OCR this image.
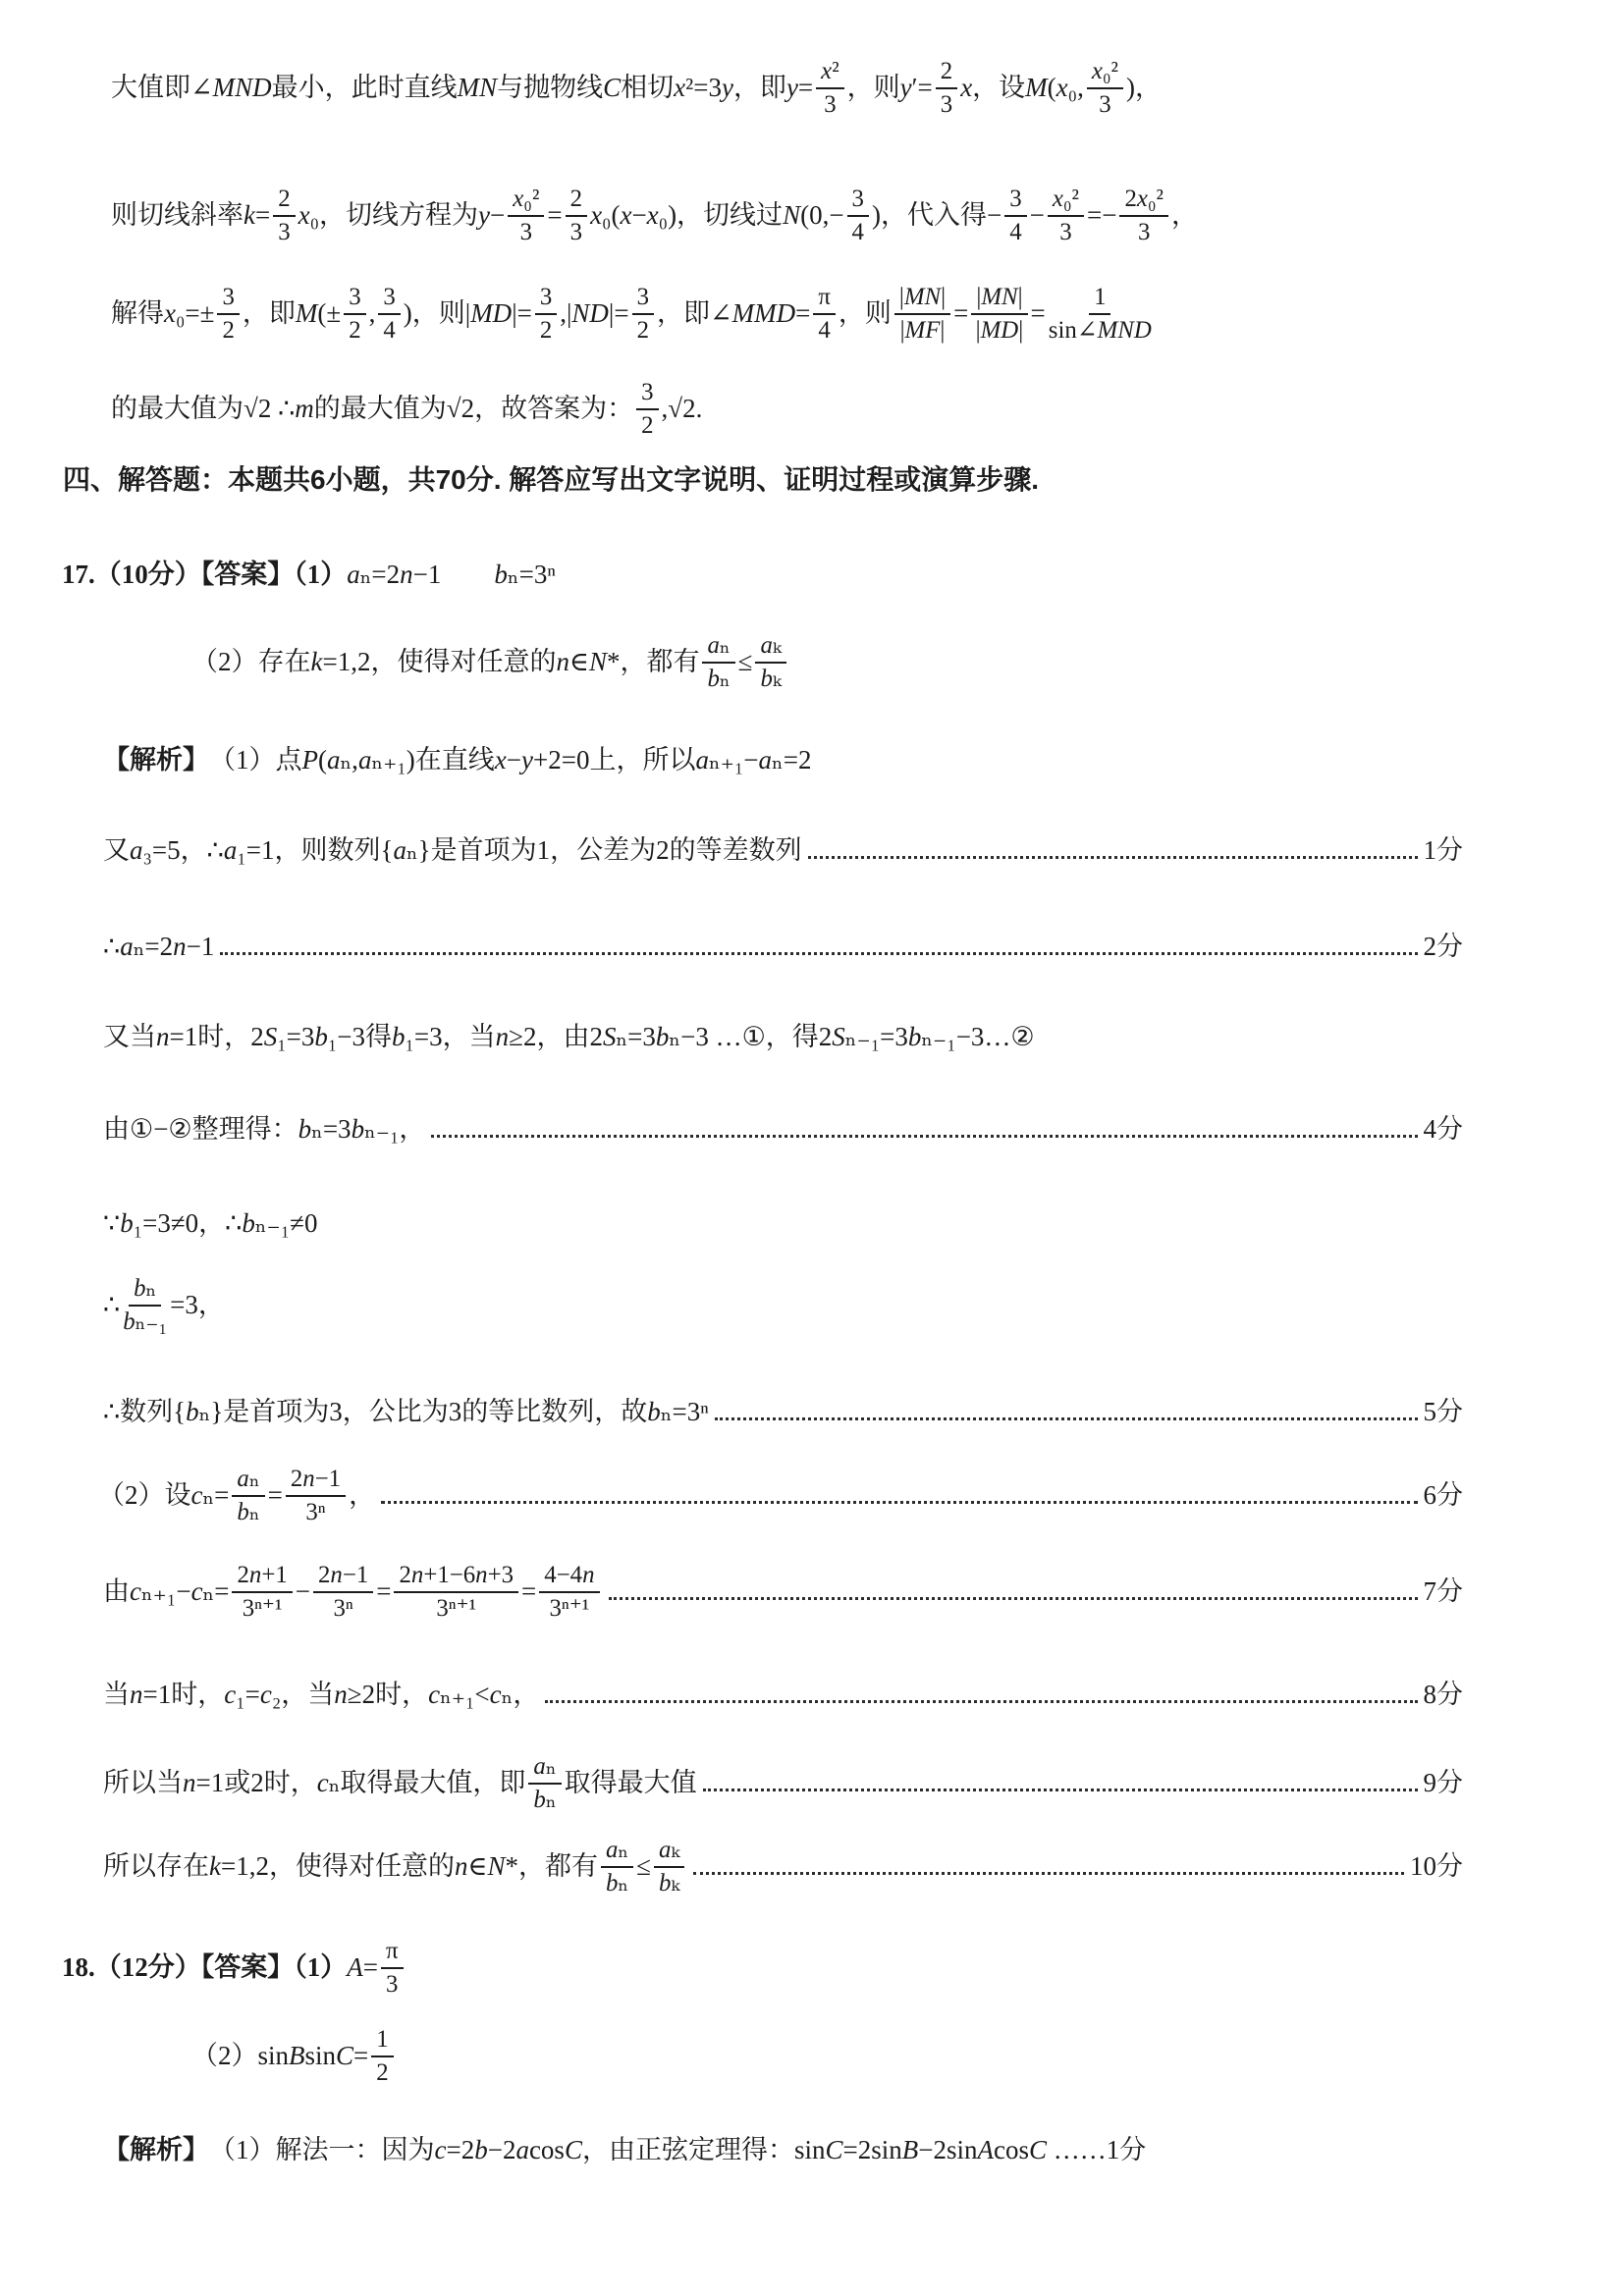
大值即∠MND最小，此时直线MN与抛物线C相切x²=3y，即$y= \frac{\text{x²}}{3}$ ，则$y'= \frac{2}{3}$ x，设M(x₀, $\frac{\text{x₀²}}{3}$ )，
则切线斜率$k= \frac{2}{3} x_0$，切线方程为$y- \frac{\text{x₀²}}{3} = \frac{2}{3} x_0(x-x_0)$，切线过$N(0,- \frac{3}{4}$ )，代入得− $\frac{3}{4} - \frac{\text{x₀²}}{3} =- \frac{\text{2x₀²}}{3}$ ，
解得$x_0=\pm \frac{3}{2}$ ，即$M(\pm \frac{3}{2}$ , $\frac{3}{4}$ )，则$|MD|= \frac{3}{2} ,|ND|= \frac{3}{2}$ ，即∠MMD= $\frac{\pi}{4}$ ，则 $\frac{|MN|}{|MF|} = \frac{|MN|}{|MD|} = \frac{1}{\text{sin∠MND}}$
的最大值为√2 ∴m的最大值为√2，故答案为： $\frac{3}{2} ,√2$.
四、解答题：本题共6小题，共70分. 解答应写出文字说明、证明过程或演算步骤.
17.（10分）【答案】（1） aₙ=2n−1　　bₙ=3ⁿ
（2）存在k=1,2，使得对任意的n∈N*，都有 $\frac{\text{aₙ}}{\text{bₙ}} \le \frac{\text{aₖ}}{\text{bₖ}}$
【解析】 （1）点P(aₙ,aₙ₊₁)在直线x−y+2=0上，所以aₙ₊₁−aₙ=2
又a₃=5，∴a₁=1，则数列{aₙ}是首项为1，公差为2的等差数列	1分
∴aₙ=2n−1	2分
又当n=1时，2S₁=3b₁−3得b₁=3，当n≥2，由2Sₙ=3bₙ−3 …①，得2Sₙ₋₁=3bₙ₋₁−3…②
由①−②整理得：bₙ=3bₙ₋₁，	4分
∵b₁=3≠0，∴bₙ₋₁≠0
∴ $\frac{\text{bₙ}}{\text{bₙ₋₁}} =3$，
∴数列{bₙ}是首项为3，公比为3的等比数列，故bₙ=3ⁿ	5分
（2）设$c_n= \frac{\text{aₙ}}{\text{bₙ}} = \frac{2n-1}{\text{3ⁿ}}$ ，	6分
由$c_{n+1}-c_n= \frac{2n+1}{\text{3ⁿ⁺¹}} - \frac{2n-1}{\text{3ⁿ}} = \frac{2n+1-6n+3}{\text{3ⁿ⁺¹}} = \frac{4-4n}{\text{3ⁿ⁺¹}}$	7分
当n=1时，c₁=c₂，当n≥2时，cₙ₊₁<cₙ，	8分
所以当n=1或2时，cₙ取得最大值，即 $\frac{\text{aₙ}}{\text{bₙ}}$ 取得最大值	9分
所以存在k=1,2，使得对任意的n∈N*，都有 $\frac{\text{aₙ}}{\text{bₙ}} \le \frac{\text{aₖ}}{\text{bₖ}}$	10分
18.（12分）【答案】（1） $A= \frac{\pi}{3}$
（2）sinBsinC= $\frac{1}{2}$
【解析】 （1）解法一：因为c=2b−2acosC，由正弦定理得：sinC=2sinB−2sinAcosC ……1分
